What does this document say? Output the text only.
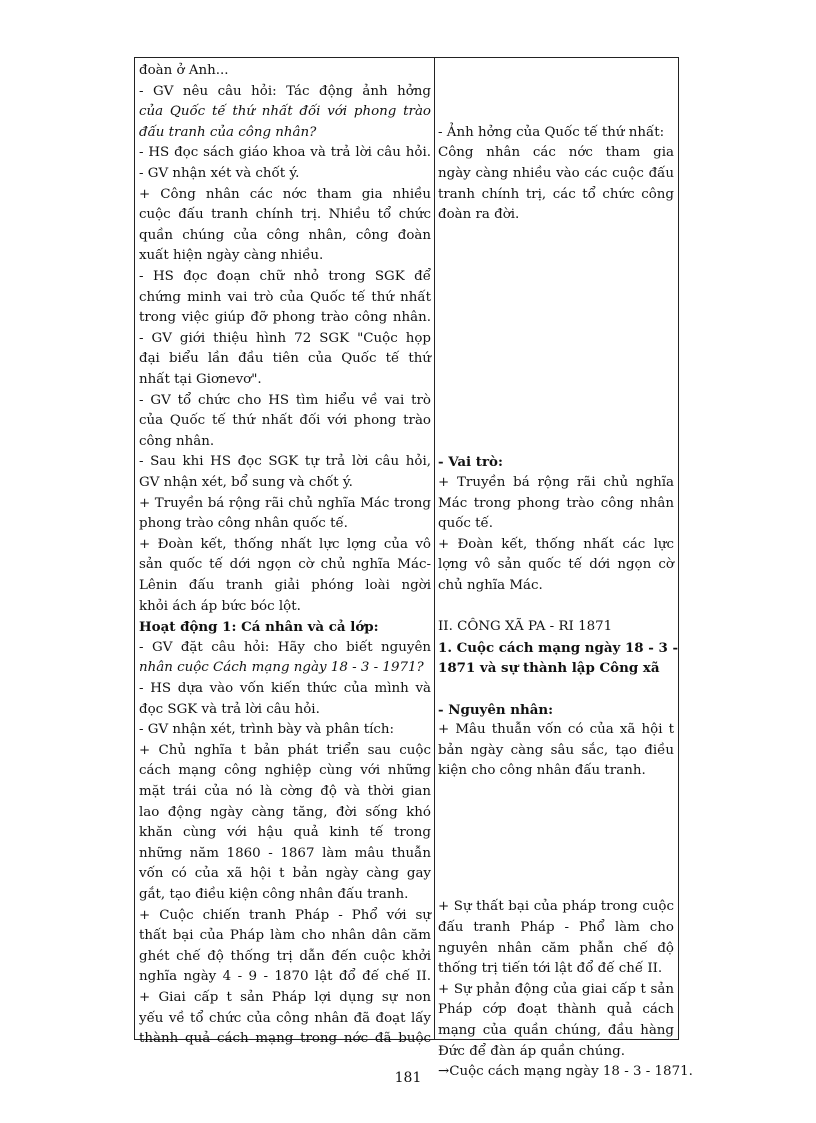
đoàn ở Anh...
- GV nêu câu hỏi: Tác động ảnh hởng
của Quốc tế thứ nhất đối với phong trào
đấu tranh của công nhân?
- HS đọc sách giáo khoa và trả lời câu hỏi.
- GV nhận xét và chốt ý.
+ Công nhân các nớc tham gia nhiều
cuộc đấu tranh chính trị. Nhiều tổ chức
quần chúng của công nhân, công đoàn
xuất hiện ngày càng nhiều.
- HS đọc đoạn chữ nhỏ trong SGK để
chứng minh vai trò của Quốc tế thứ nhất
trong việc giúp đỡ phong trào công nhân.
- GV giới thiệu hình 72 SGK "Cuộc họp
đại biểu lần đầu tiên của Quốc tế thứ
nhất tại Giơnevơ".
- GV tổ chức cho HS tìm hiểu về vai trò
của Quốc tế thứ nhất đối với phong trào
công nhân.
- Sau khi HS đọc SGK tự trả lời câu hỏi,
GV nhận xét, bổ sung và chốt ý.
+ Truyền bá rộng rãi chủ nghĩa Mác trong
phong trào công nhân quốc tế.
+ Đoàn kết, thống nhất lực lợng của vô
sản quốc tế dới ngọn cờ chủ nghĩa Mác-
Lênin đấu tranh giải phóng loài ngời
khỏi ách áp bức bóc lột.
Hoạt động 1: Cá nhân và cả lớp:
- GV đặt câu hỏi: Hãy cho biết nguyên
nhân cuộc Cách mạng ngày 18 - 3 - 1971?
- HS dựa vào vốn kiến thức của mình và
đọc SGK và trả lời câu hỏi.
- GV nhận xét, trình bày và phân tích:
+ Chủ nghĩa t bản phát triển sau cuộc
cách mạng công nghiệp cùng với những
mặt trái của nó là cờng độ và thời gian
lao động ngày càng tăng, đời sống khó
khăn cùng với hậu quả kinh tế trong
những năm 1860 - 1867 làm mâu thuẫn
vốn có của xã hội t bản ngày càng gay
gắt, tạo điều kiện công nhân đấu tranh.
+ Cuộc chiến tranh Pháp - Phổ với sự
thất bại của Pháp làm cho nhân dân căm
ghét chế độ thống trị dẫn đến cuộc khởi
nghĩa ngày 4 - 9 - 1870 lật đổ đế chế II.
+ Giai cấp t sản Pháp lợi dụng sự non
yếu về tổ chức của công nhân đã đoạt lấy
thành quả cách mạng trong nớc đã buộc
- Ảnh hởng của Quốc tế thứ nhất:
Công nhân các nớc tham gia
ngày càng nhiều vào các cuộc đấu
tranh chính trị, các tổ chức công
đoàn ra đời.
- Vai trò:
+ Truyền bá rộng rãi chủ nghĩa
Mác trong phong trào công nhân
quốc tế.
+ Đoàn kết, thống nhất các lực
lợng vô sản quốc tế dới ngọn cờ
chủ nghĩa Mác.
II. CÔNG XÃ PA - RI 1871
1. Cuộc cách mạng ngày 18 - 3 -
1871 và sự thành lập Công xã
- Nguyên nhân:
+ Mâu thuẫn vốn có của xã hội t
bản ngày càng sâu sắc, tạo điều
kiện cho công nhân đấu tranh.
+ Sự thất bại của pháp trong cuộc
đấu tranh Pháp - Phổ làm cho
nguyên nhân căm phẫn chế độ
thống trị tiến tới lật đổ đế chế II.
+ Sự phản động của giai cấp t sản
Pháp cớp đoạt thành quả cách
mạng của quần chúng, đầu hàng
Đức để đàn áp quần chúng.
→Cuộc cách mạng ngày 18 - 3 - 1871.
181
